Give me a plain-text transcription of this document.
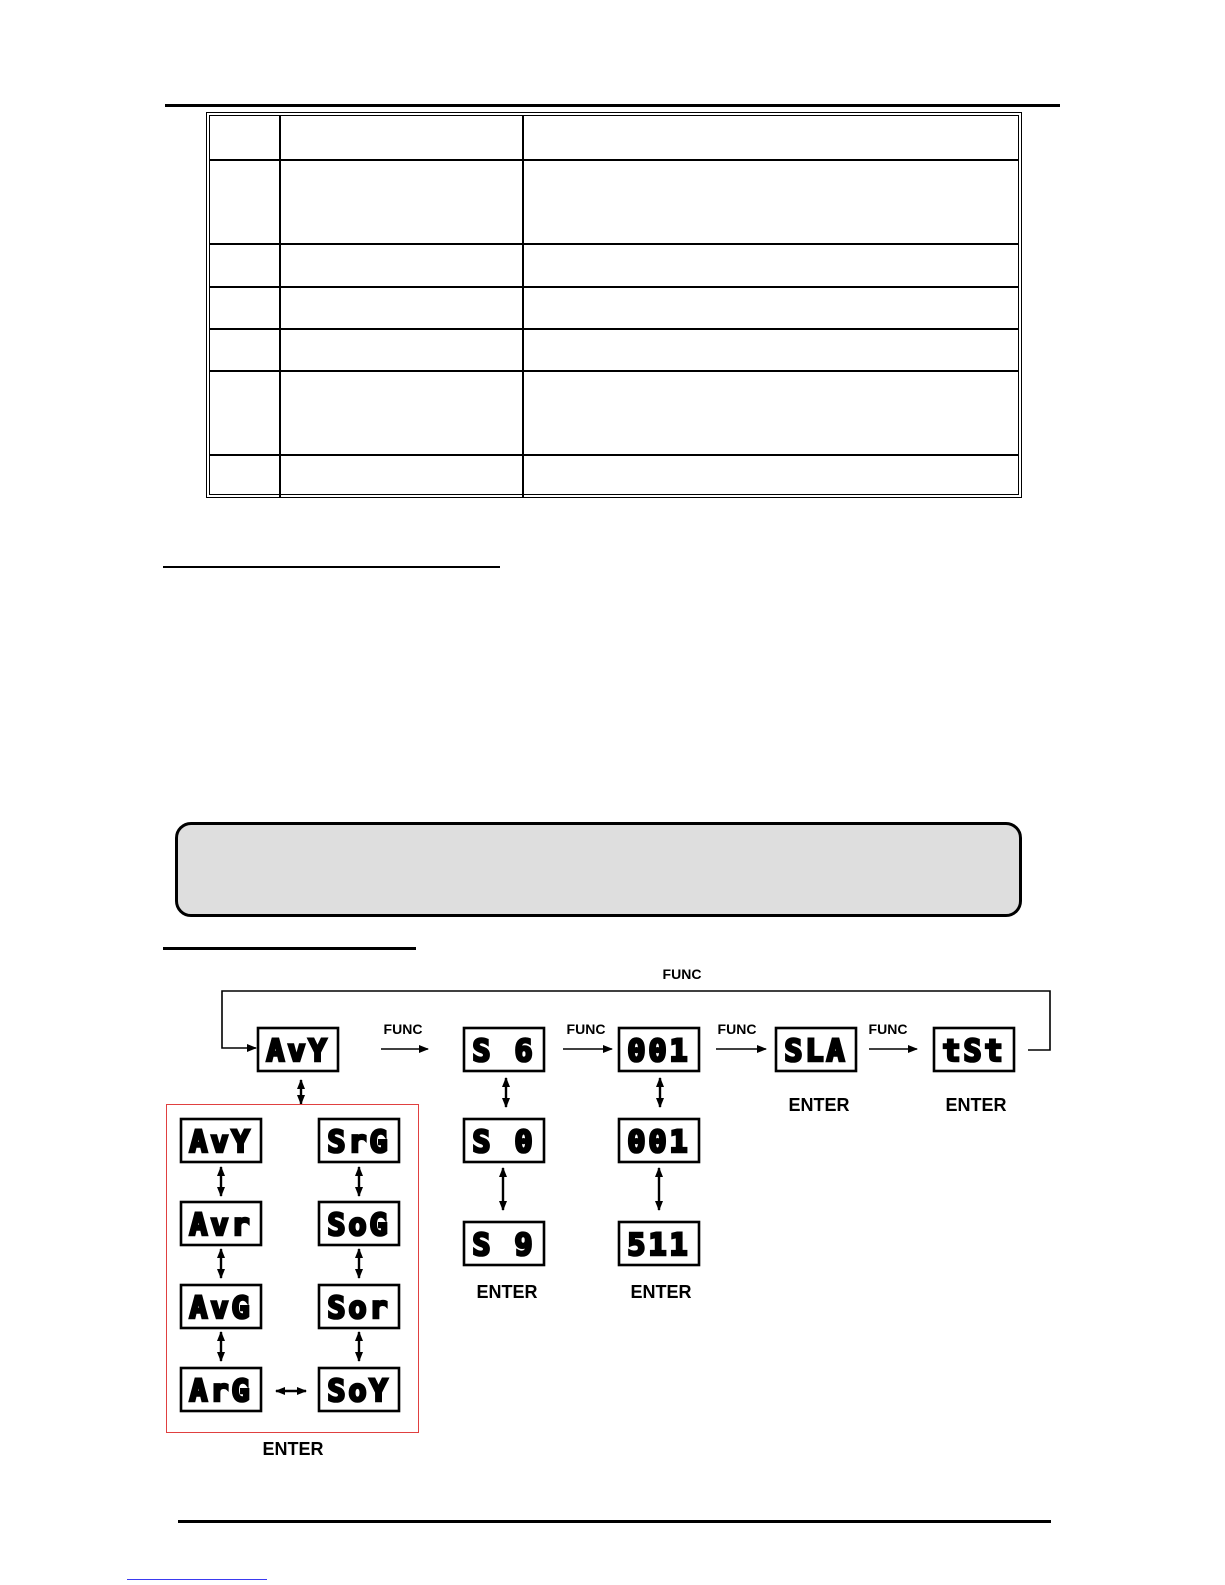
AvY	S 6	001	SLA	tSt
AvY
Avr
AvG
ArG
SrG
SoG
Sor
SoY
S 0
S 9
001
511
FUNC
FUNC	FUNC	FUNC	FUNC
ENTER	ENTER
ENTER	ENTER
ENTER
